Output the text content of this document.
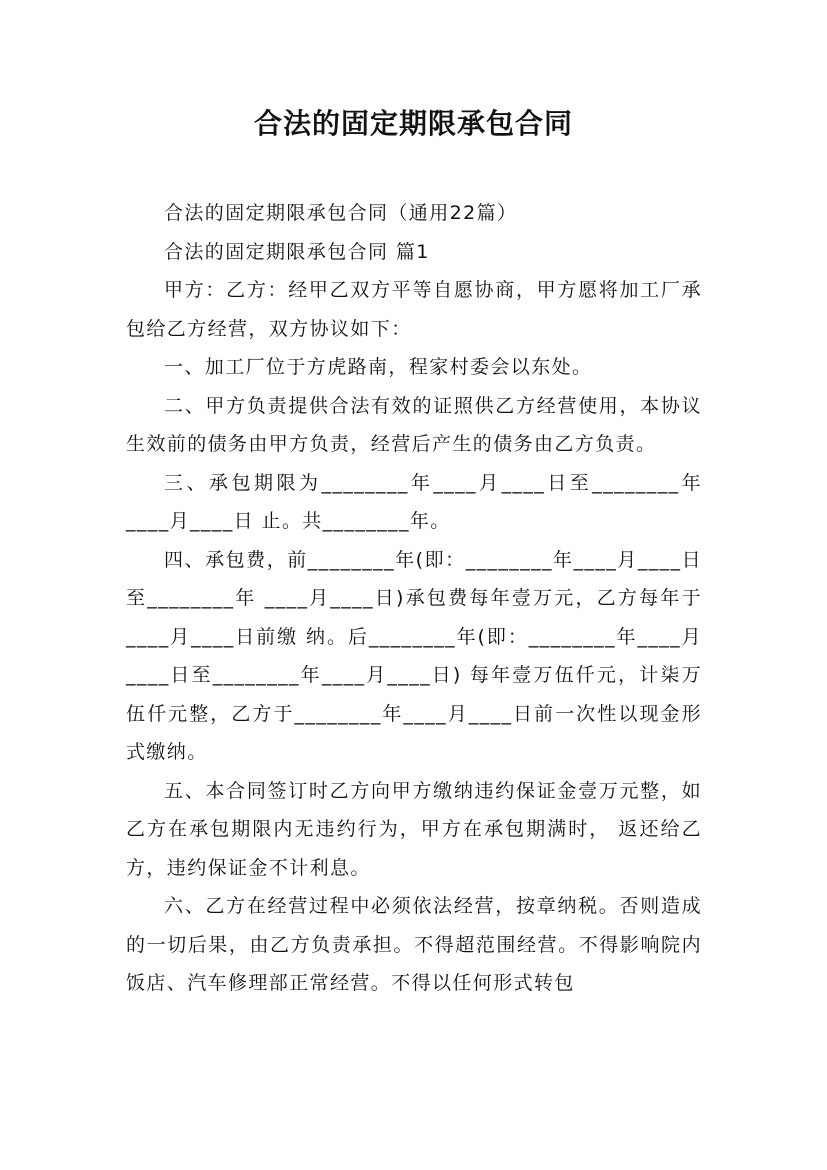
合法的固定期限承包合同

合法的固定期限承包合同（通用22篇）

合法的固定期限承包合同 篇1

甲方：乙方：经甲乙双方平等自愿协商，甲方愿将加工厂承 包给乙方经营，双方协议如下：

一、加工厂位于方虎路南，程家村委会以东处。

二、甲方负责提供合法有效的证照供乙方经营使用，本协议生效前的债务由甲方负责，经营后产生的债务由乙方负责。

三、承包期限为________年____月____日至________年____月____日 止。共________年。

四、承包费，前________年(即：________年____月____日至________年 ____月____日)承包费每年壹万元，乙方每年于____月____日前缴 纳。后________年(即：________年____月____日至________年____月____日) 每年壹万伍仟元，计柒万伍仟元整，乙方于________年____月____日前一次性以现金形式缴纳。

五、本合同签订时乙方向甲方缴纳违约保证金壹万元整，如乙方在承包期限内无违约行为，甲方在承包期满时， 返还给乙方，违约保证金不计利息。

六、乙方在经营过程中必须依法经营，按章纳税。否则造成的一切后果，由乙方负责承担。不得超范围经营。不得影响院内饭店、汽车修理部正常经营。不得以任何形式转包
